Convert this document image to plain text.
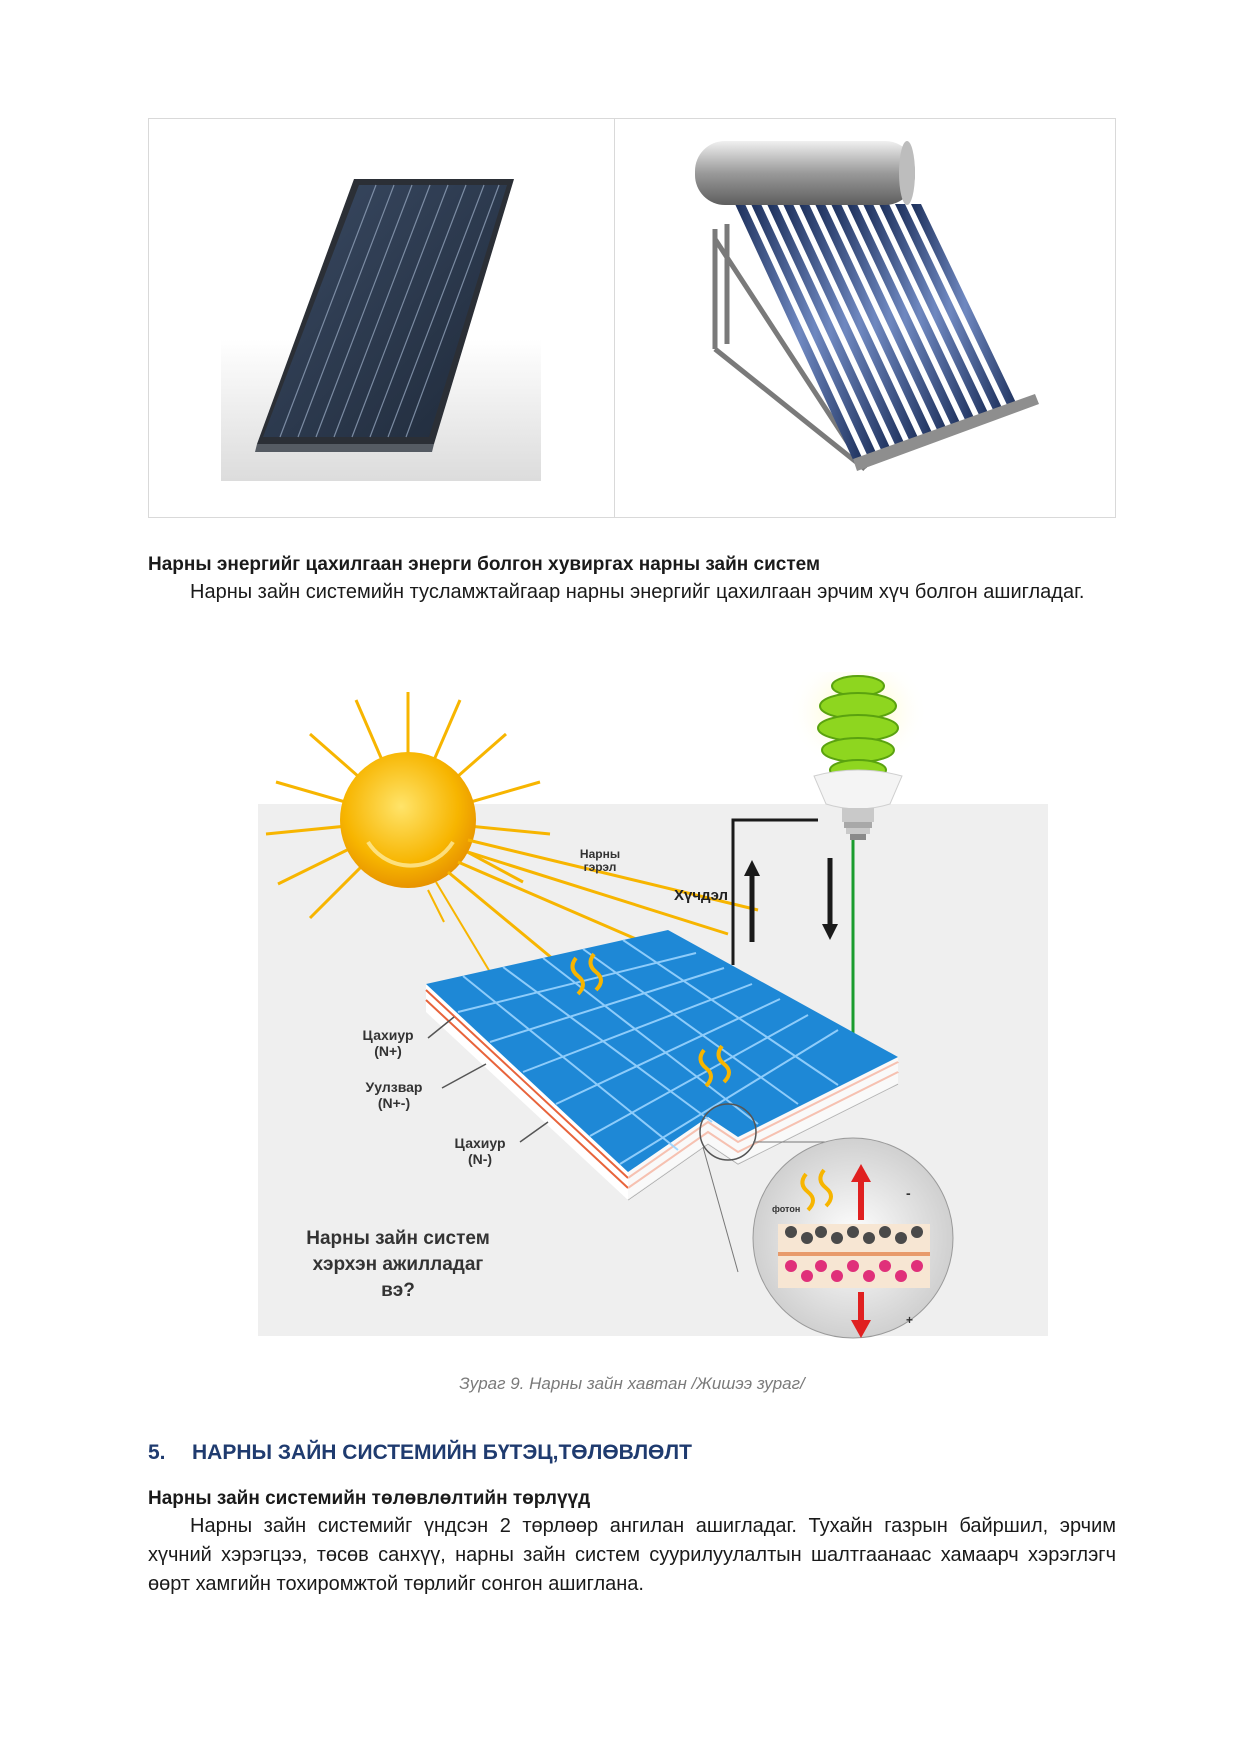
Нарны энергийг цахилгаан энерги болгон хувиргах нарны зайн систем
Нарны зайн системийн тусламжтайгаар нарны энергийг цахилгаан эрчим хүч болгон ашигладаг.
Нарны
гэрэл
Хүчдэл
Цахиур
(N+)
Уулзвар
(N+-)
Цахиур
(N-)
Нарны зайн систем
хэрхэн ажилладаг
вэ?
фотон
-
+
Зураг 9. Нарны зайн хавтан /Жишээ зураг/
5. НАРНЫ ЗАЙН СИСТЕМИЙН БҮТЭЦ,ТӨЛӨВЛӨЛТ
Нарны зайн системийн төлөвлөлтийн төрлүүд
Нарны зайн системийг үндсэн 2 төрлөөр ангилан ашигладаг. Тухайн газрын байршил, эрчим хүчний хэрэгцээ, төсөв санхүү, нарны зайн систем суурилуулалтын шалтгаанаас хамаарч хэрэглэгч өөрт хамгийн тохиромжтой төрлийг сонгон ашиглана.
